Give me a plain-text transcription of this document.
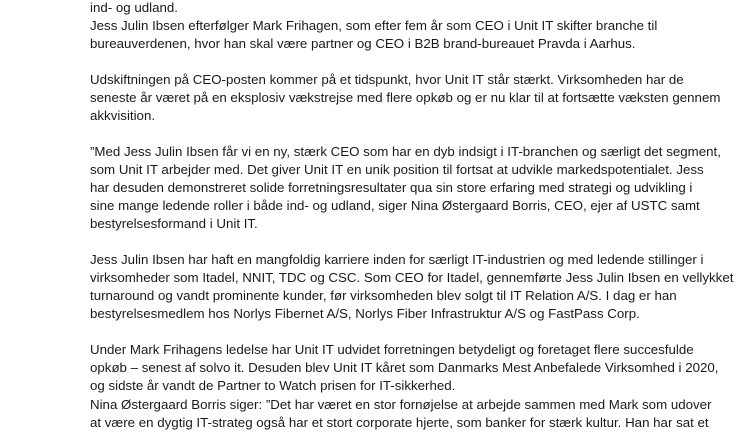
ind- og udland.
Jess Julin Ibsen efterfølger Mark Frihagen, som efter fem år som CEO i Unit IT skifter branche til
bureauverdenen, hvor han skal være partner og CEO i B2B brand-bureauet Pravda i Aarhus.
Udskiftningen på CEO-posten kommer på et tidspunkt, hvor Unit IT står stærkt. Virksomheden har de
seneste år været på en eksplosiv vækstrejse med flere opkøb og er nu klar til at fortsætte væksten gennem
akkvisition.
”Med Jess Julin Ibsen får vi en ny, stærk CEO som har en dyb indsigt i IT-branchen og særligt det segment,
som Unit IT arbejder med. Det giver Unit IT en unik position til fortsat at udvikle markedspotentialet. Jess
har desuden demonstreret solide forretningsresultater qua sin store erfaring med strategi og udvikling i
sine mange ledende roller i både ind- og udland, siger Nina Østergaard Borris, CEO, ejer af USTC samt
bestyrelsesformand i Unit IT.
Jess Julin Ibsen har haft en mangfoldig karriere inden for særligt IT-industrien og med ledende stillinger i
virksomheder som Itadel, NNIT, TDC og CSC. Som CEO for Itadel, gennemførte Jess Julin Ibsen en vellykket
turnaround og vandt prominente kunder, før virksomheden blev solgt til IT Relation A/S. I dag er han
bestyrelsesmedlem hos Norlys Fibernet A/S, Norlys Fiber Infrastruktur A/S og FastPass Corp.
Under Mark Frihagens ledelse har Unit IT udvidet forretningen betydeligt og foretaget flere succesfulde
opkøb – senest af solvo it. Desuden blev Unit IT kåret som Danmarks Mest Anbefalede Virksomhed i 2020,
og sidste år vandt de Partner to Watch prisen for IT-sikkerhed.
Nina Østergaard Borris siger: ”Det har været en stor fornøjelse at arbejde sammen med Mark som udover
at være en dygtig IT-strateg også har et stort corporate hjerte, som banker for stærk kultur. Han har sat et
